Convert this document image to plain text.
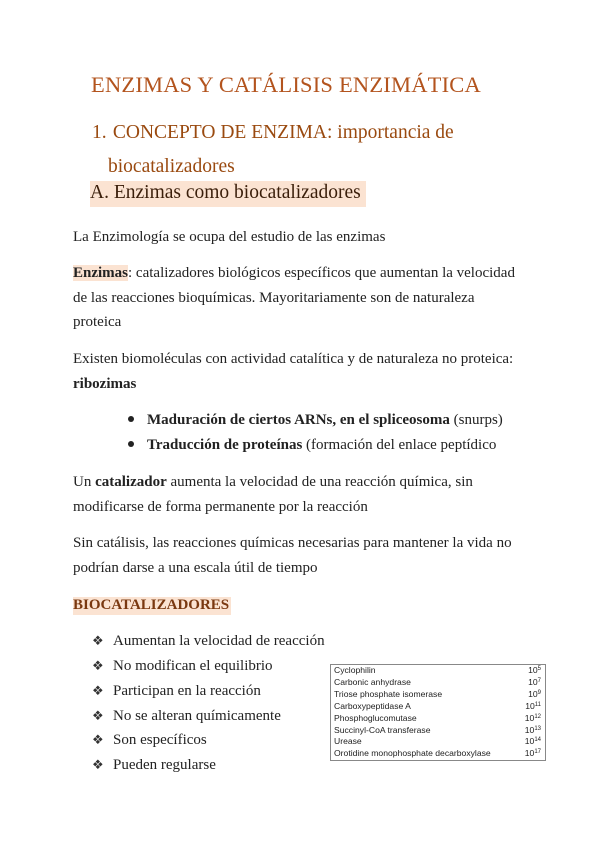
ENZIMAS Y CATÁLISIS ENZIMÁTICA
1. CONCEPTO DE ENZIMA: importancia de
biocatalizadores
A. Enzimas como biocatalizadores
La Enzimología se ocupa del estudio de las enzimas
Enzimas: catalizadores biológicos específicos que aumentan la velocidad de las reacciones bioquímicas. Mayoritariamente son de naturaleza proteica
Existen biomoléculas con actividad catalítica y de naturaleza no proteica: ribozimas
Maduración de ciertos ARNs, en el spliceosoma (snurps)
Traducción de proteínas (formación del enlace peptídico
Un catalizador aumenta la velocidad de una reacción química, sin modificarse de forma permanente por la reacción
Sin catálisis, las reacciones químicas necesarias para mantener la vida no podrían darse a una escala útil de tiempo
BIOCATALIZADORES
❖ Aumentan la velocidad de reacción
❖ No modifican el equilibrio
❖ Participan en la reacción
❖ No se alteran químicamente
❖ Son específicos
❖ Pueden regularse
Cyclophilin	$10^5$
Carbonic anhydrase	$10^7$
Triose phosphate isomerase	$10^9$
Carboxypeptidase A	$10^{11}$
Phosphoglucomutase	$10^{12}$
Succinyl-CoA transferase	$10^{13}$
Urease	$10^{14}$
Orotidine monophosphate decarboxylase	$10^{17}$
